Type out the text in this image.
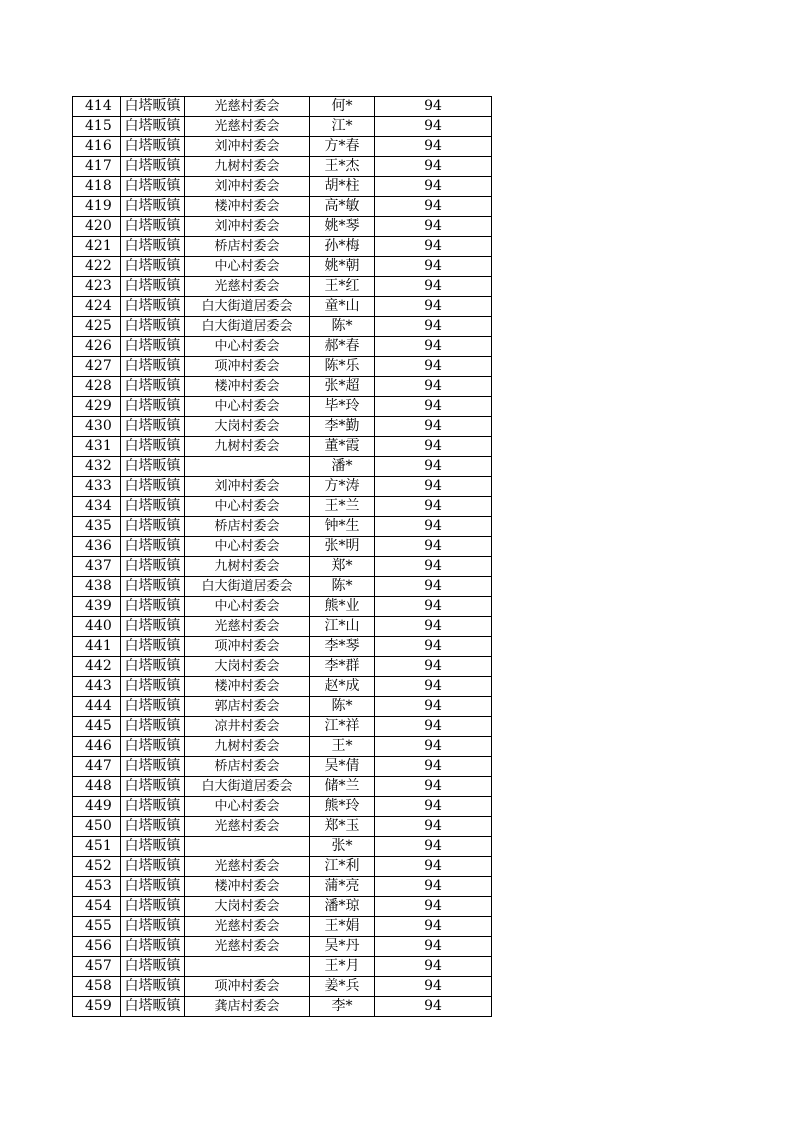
414	白塔畈镇	光慈村委会	何*	94
415	白塔畈镇	光慈村委会	江*	94
416	白塔畈镇	刘冲村委会	方*春	94
417	白塔畈镇	九树村委会	王*杰	94
418	白塔畈镇	刘冲村委会	胡*柱	94
419	白塔畈镇	楼冲村委会	高*敏	94
420	白塔畈镇	刘冲村委会	姚*琴	94
421	白塔畈镇	桥店村委会	孙*梅	94
422	白塔畈镇	中心村委会	姚*朝	94
423	白塔畈镇	光慈村委会	王*红	94
424	白塔畈镇	白大街道居委会	童*山	94
425	白塔畈镇	白大街道居委会	陈*	94
426	白塔畈镇	中心村委会	郝*春	94
427	白塔畈镇	项冲村委会	陈*乐	94
428	白塔畈镇	楼冲村委会	张*超	94
429	白塔畈镇	中心村委会	毕*玲	94
430	白塔畈镇	大岗村委会	李*勤	94
431	白塔畈镇	九树村委会	董*霞	94
432	白塔畈镇		潘*	94
433	白塔畈镇	刘冲村委会	方*涛	94
434	白塔畈镇	中心村委会	王*兰	94
435	白塔畈镇	桥店村委会	钟*生	94
436	白塔畈镇	中心村委会	张*明	94
437	白塔畈镇	九树村委会	郑*	94
438	白塔畈镇	白大街道居委会	陈*	94
439	白塔畈镇	中心村委会	熊*业	94
440	白塔畈镇	光慈村委会	江*山	94
441	白塔畈镇	项冲村委会	李*琴	94
442	白塔畈镇	大岗村委会	李*群	94
443	白塔畈镇	楼冲村委会	赵*成	94
444	白塔畈镇	郭店村委会	陈*	94
445	白塔畈镇	凉井村委会	江*祥	94
446	白塔畈镇	九树村委会	王*	94
447	白塔畈镇	桥店村委会	吴*倩	94
448	白塔畈镇	白大街道居委会	储*兰	94
449	白塔畈镇	中心村委会	熊*玲	94
450	白塔畈镇	光慈村委会	郑*玉	94
451	白塔畈镇		张*	94
452	白塔畈镇	光慈村委会	江*利	94
453	白塔畈镇	楼冲村委会	蒲*亮	94
454	白塔畈镇	大岗村委会	潘*琼	94
455	白塔畈镇	光慈村委会	王*娟	94
456	白塔畈镇	光慈村委会	吴*丹	94
457	白塔畈镇		王*月	94
458	白塔畈镇	项冲村委会	姜*兵	94
459	白塔畈镇	龚店村委会	李*	94
